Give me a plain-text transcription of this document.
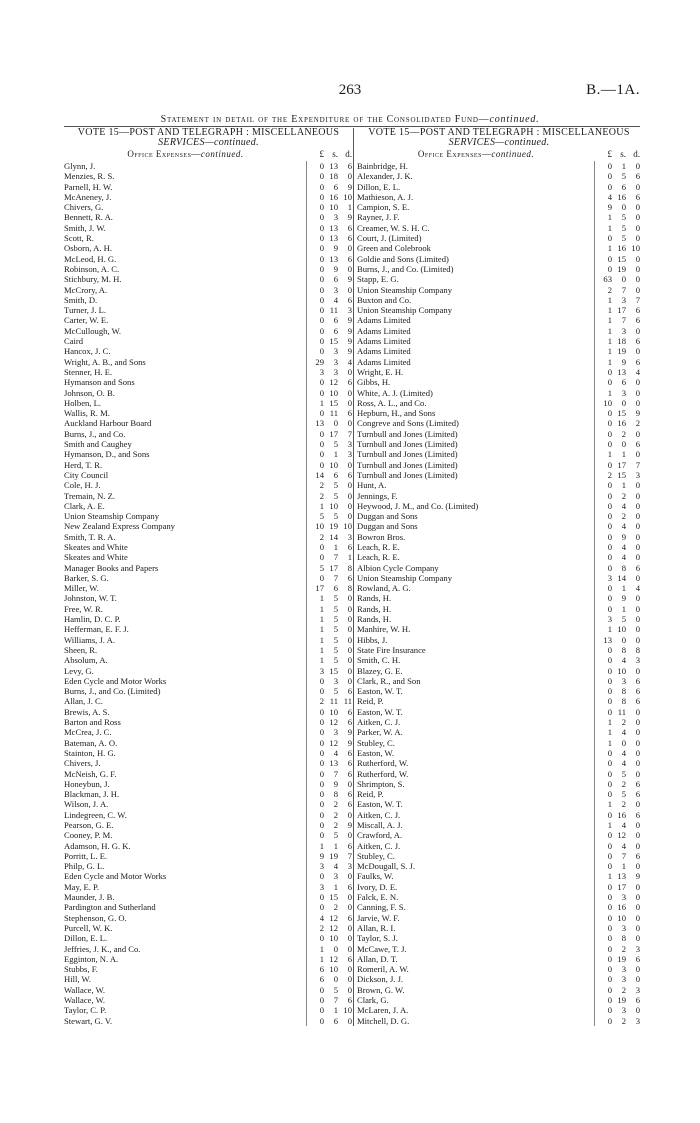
263	B.—1A.
Statement in detail of the Expenditure of the Consolidated Fund—continued.
VOTE 15—POST AND TELEGRAPH : MISCELLANEOUS
SERVICES—continued.
Office Expenses—continued.	£ s. d.
Glynn, J.	0 13	6
Menzies, R. S.	0 18	0
Parnell, H. W.	0	6	9
McAneney, J.	0 16 10
Chivers, G.	0 10	1
Bennett, R. A.	0	3	9
Smith, J. W.	0 13	6
Scott, R.	0 13	6
Osborn, A. H.	0	9	0
McLeod, H. G.	0 13	6
Robinson, A. C.	0	9	0
Stichbury, M. H.	0	6	9
McCrory, A.	0	3	0
Smith, D.	0	4	6
Turner, J. L.	0 11	3
Carter, W. E.	0	6	9
McCullough, W.	0	6	9
Caird	0 15	9
Hancox, J. C.	0	3	9
Wright, A. B., and Sons	29	3	4
Stenner, H. E.	3	3	0
Hymanson and Sons	0 12	6
Johnson, O. B.	0 10	0
Holben, L.	1 15	0
Wallis, R. M.	0 11	6
Auckland Harbour Board	13	0	0
Burns, J., and Co.	0 17	7
Smith and Caughey	0	5	3
Hymanson, D., and Sons	0	1	3
Herd, T. R.	0 10	0
City Council	14	6	6
Cole, H. J.	2	5	0
Tremain, N. Z.	2	5	0
Clark, A. E.	1 10	0
Union Steamship Company	5	5	0
New Zealand Express Company	10 19 10
Smith, T. R. A.	2 14	3
Skeates and White	0	1	6
Skeates and White	0	7	1
Manager Books and Papers	5 17	8
Barker, S. G.	0	7	6
Miller, W.	17	6	8
Johnston, W. T.	1	5	0
Free, W. R.	1	5	0
Hamlin, D. C. P.	1	5	0
Hefferman, E. F. J.	1	5	0
Williams, J. A.	1	5	0
Sheen, R.	1	5	0
Absolum, A.	1	5	0
Levy, G.	3 15	0
Eden Cycle and Motor Works	0	3	0
Burns, J., and Co. (Limited)	0	5	6
Allan, J. C.	2 11 11
Brewis, A. S.	0 10	6
Barton and Ross	0 12	6
McCrea, J. C.	0	3	9
Bateman, A. O.	0 12	9
Stainton, H. G.	0	4	6
Chivers, J.	0 13	6
McNeish, G. F.	0	7	6
Honeybun, J.	0	9	0
Blackman, J. H.	0	8	6
Wilson, J. A.	0	2	6
Lindegreen, C. W.	0	2	0
Pearson, G. E.	0	2	9
Cooney, P. M.	0	5	0
Adamson, H. G. K.	1	1	6
Porritt, L. E.	9 19	7
Philp, G. L.	3	4	3
Eden Cycle and Motor Works	0	3	0
May, E. P.	3	1	6
Maunder, J. B.	0 15	0
Pardington and Sutherland	0	2	0
Stephenson, G. O.	4 12	6
Purcell, W. K.	2 12	0
Dillon, E. L.	0 10	0
Jeffries, J. K., and Co.	1	0	0
Egginton, N. A.	1 12	6
Stubbs, F.	6 10	0
Hill, W.	6	0	0
Wallace, W.	0	5	0
Wallace, W.	0	7	6
Taylor, C. P.	0	1 10
Stewart, G. V.	0	6	0
VOTE 15—POST AND TELEGRAPH : MISCELLANEOUS
SERVICES—continued.
Office Expenses—continued.	£ s. d.
Bainbridge, H.	0	1	0
Alexander, J. K.	0	5	6
Dillon, E. L.	0	6	0
Mathieson, A. J.	4 16	6
Campion, S. E.	9	0	0
Rayner, J. F.	1	5	0
Creamer, W. S. H. C.	1	5	0
Court, J. (Limited)	0	5	0
Green and Colebrook	1 16 10
Goldie and Sons (Limited)	0 15	0
Burns, J., and Co. (Limited)	0 19	0
Stapp, E. G.	63	0	0
Union Steamship Company	2	7	0
Buxton and Co.	1	3	7
Union Steamship Company	1 17	6
Adams Limited	1	7	6
Adams Limited	1	3	0
Adams Limited	1 18	6
Adams Limited	1 19	0
Adams Limited	1	9	6
Wright, E. H.	0 13	4
Gibbs, H.	0	6	0
White, A. J. (Limited)	1	3	0
Ross, A. L., and Co.	10	0	0
Hepburn, H., and Sons	0 15	9
Congreve and Sons (Limited)	0 16	2
Turnbull and Jones (Limited)	0	2	0
Turnbull and Jones (Limited)	0	0	6
Turnbull and Jones (Limited)	1	1	0
Turnbull and Jones (Limited)	0 17	7
Turnbull and Jones (Limited)	2 15	3
Hunt, A.	0	1	0
Jennings, F.	0	2	0
Heywood, J. M., and Co. (Limited)	0	4	0
Duggan and Sons	0	2	0
Duggan and Sons	0	4	0
Bowron Bros.	0	9	0
Leach, R. E.	0	4	0
Leach, R. E.	0	4	0
Albion Cycle Company	0	8	6
Union Steamship Company	3 14	0
Rowland, A. G.	0	1	4
Rands, H.	0	9	0
Rands, H.	0	1	0
Rands, H.	3	5	0
Manhire, W. H.	1 10	0
Hibbs, J.	13	0	0
State Fire Insurance	0	8	8
Smith, C. H.	0	4	3
Blazey, G. E.	0 10	0
Clark, R., and Son	0	3	6
Easton, W. T.	0	8	6
Reid, P.	0	8	6
Easton, W. T.	0 11	0
Aitken, C. J.	1	2	0
Parker, W. A.	1	4	0
Stubley, C.	1	0	0
Easton, W.	0	4	0
Rutherford, W.	0	4	0
Rutherford, W.	0	5	0
Shrimpton, S.	0	2	6
Reid, P.	0	5	6
Easton, W. T.	1	2	0
Aitken, C. J.	0 16	6
Miscall, A. J.	1	4	0
Crawford, A.	0 12	0
Aitken, C. J.	0	4	0
Stubley, C.	0	7	6
McDougall, S. J.	0	1	0
Faulks, W.	1 13	9
Ivory, D. E.	0 17	0
Falck, E. N.	0	3	0
Canning, F. S.	0 16	0
Jarvie, W. F.	0 10	0
Allan, R. I.	0	3	0
Taylor, S. J.	0	8	0
McCawe, T. J.	0	2	3
Allan, D. T.	0 19	6
Romeril, A. W.	0	3	0
Dickson, J. J.	0	3	0
Brown, G. W.	0	2	3
Clark, G.	0 19	6
McLaren, J. A.	0	3	0
Mitchell, D. G.	0	2	3
